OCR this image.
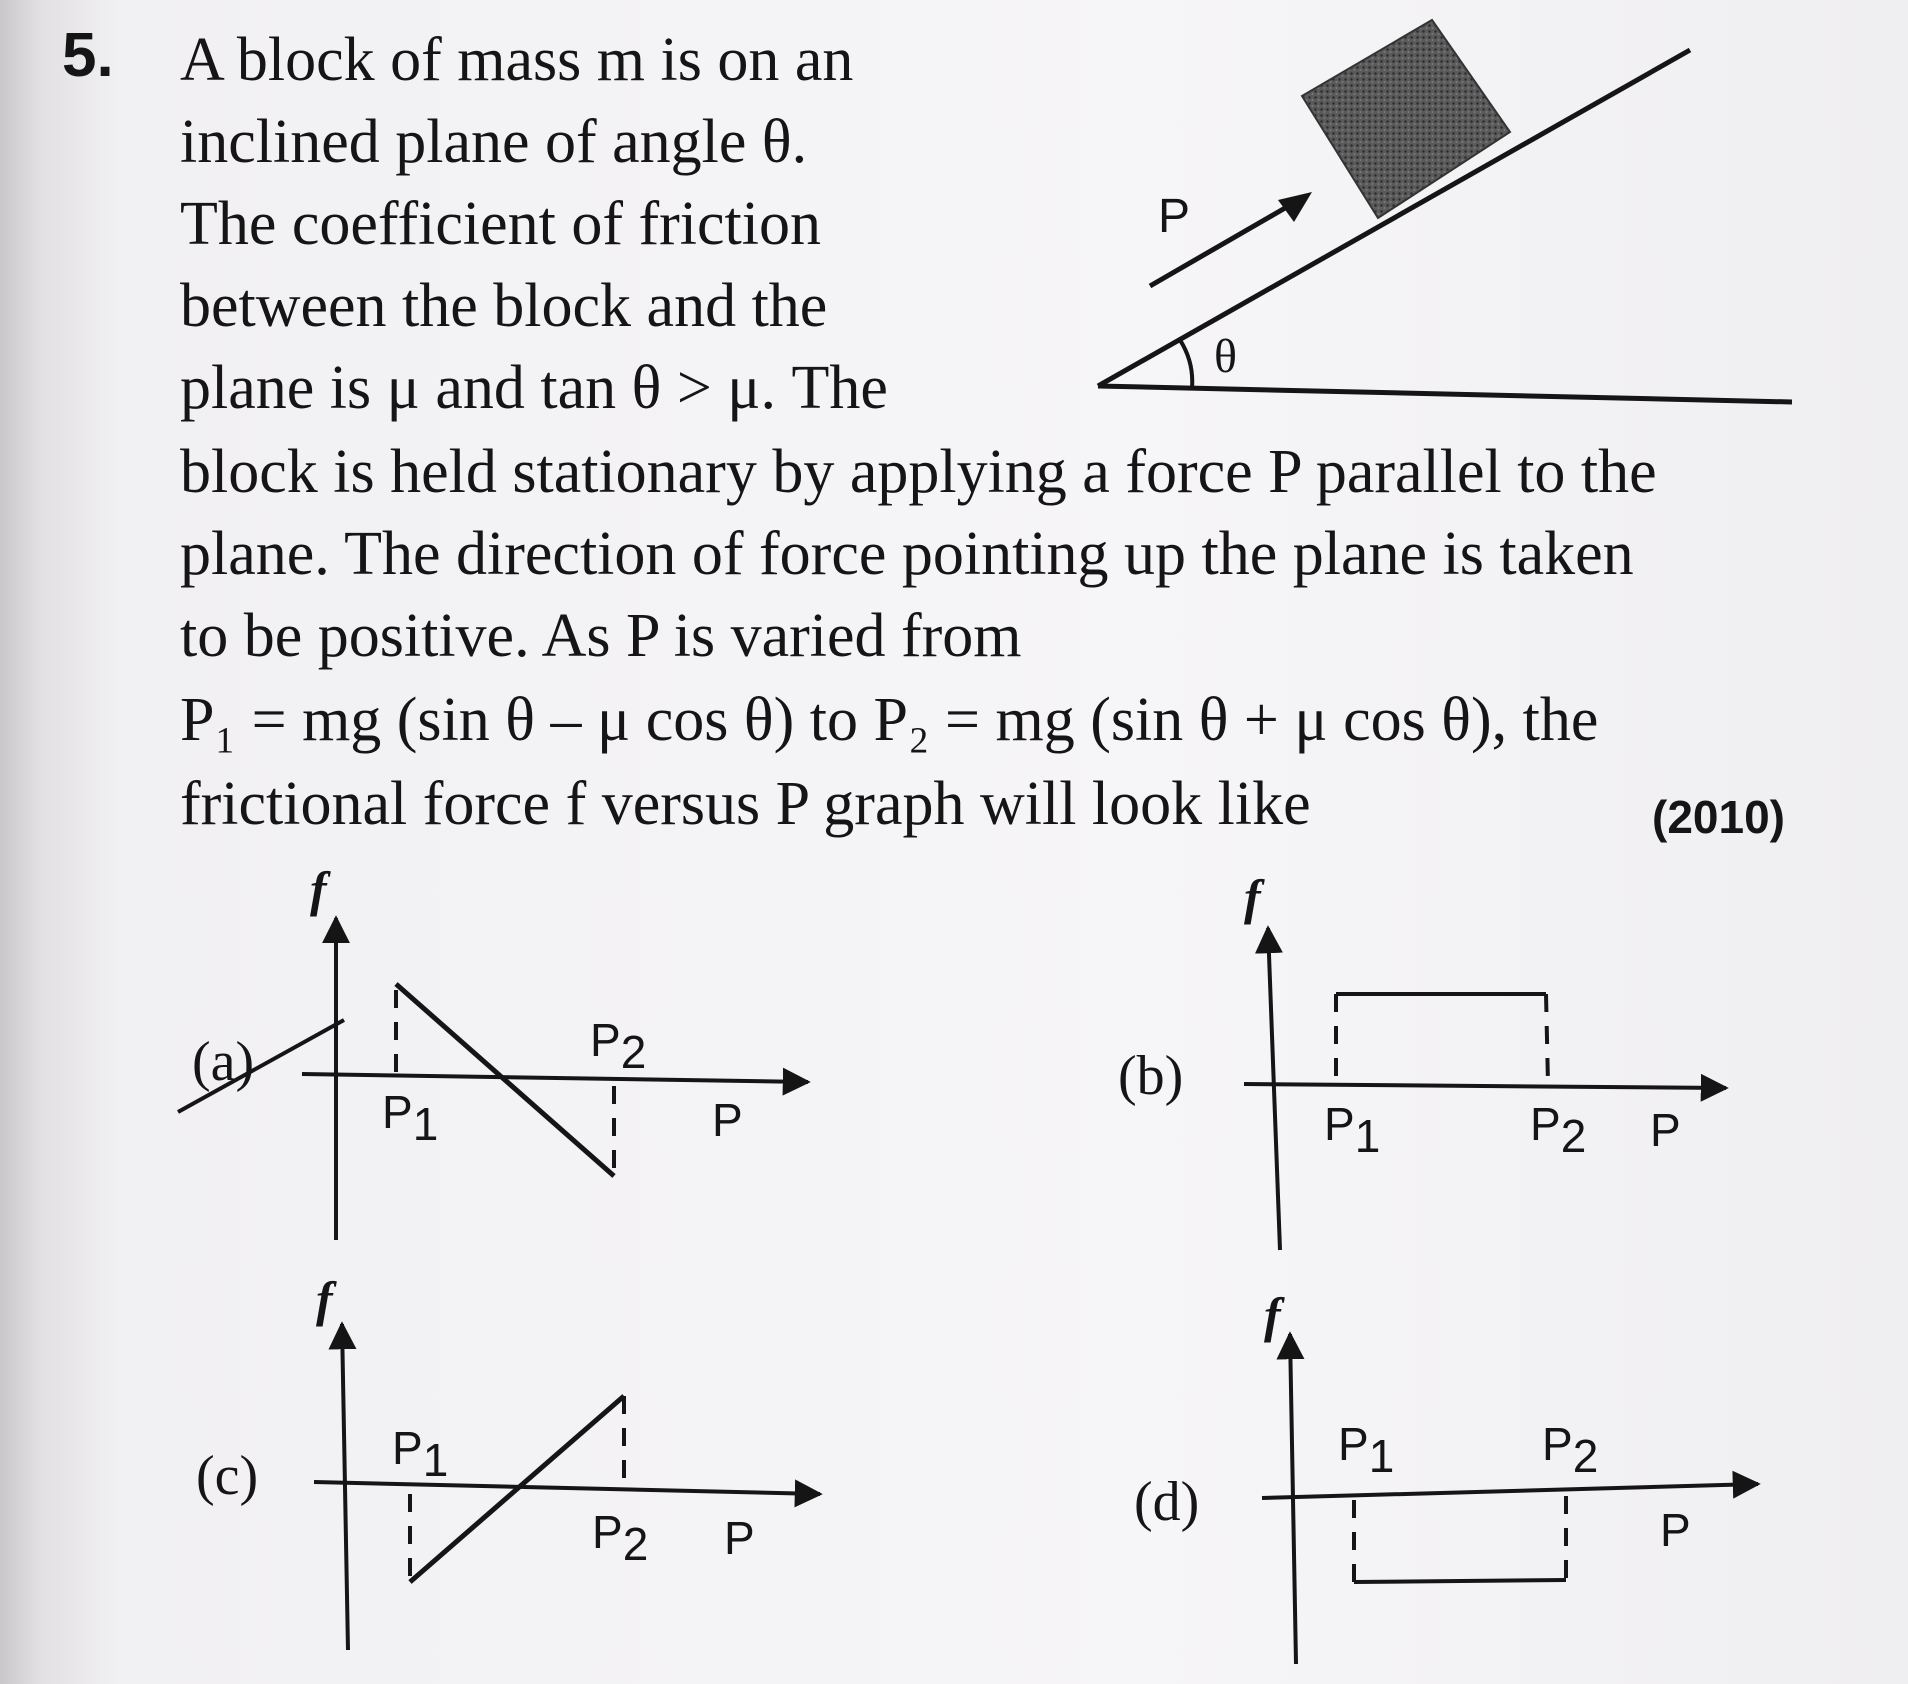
5. A block of mass m is on an
inclined plane of angle θ.
The coefficient of friction
between the block and the
plane is μ and tan θ > μ. The
block is held stationary by applying a force P parallel to the
plane. The direction of force pointing up the plane is taken
to be positive. As P is varied from
P₁ = mg (sin θ – μ cos θ) to P₂ = mg (sin θ + μ cos θ), the
frictional force f versus P graph will look like	(2010)
P
θ
(a)
f
P
P1
P2	(b)
f
P
P1	P2
(c)
f
P
P1
P2
(d)
f
P
P1	P2
